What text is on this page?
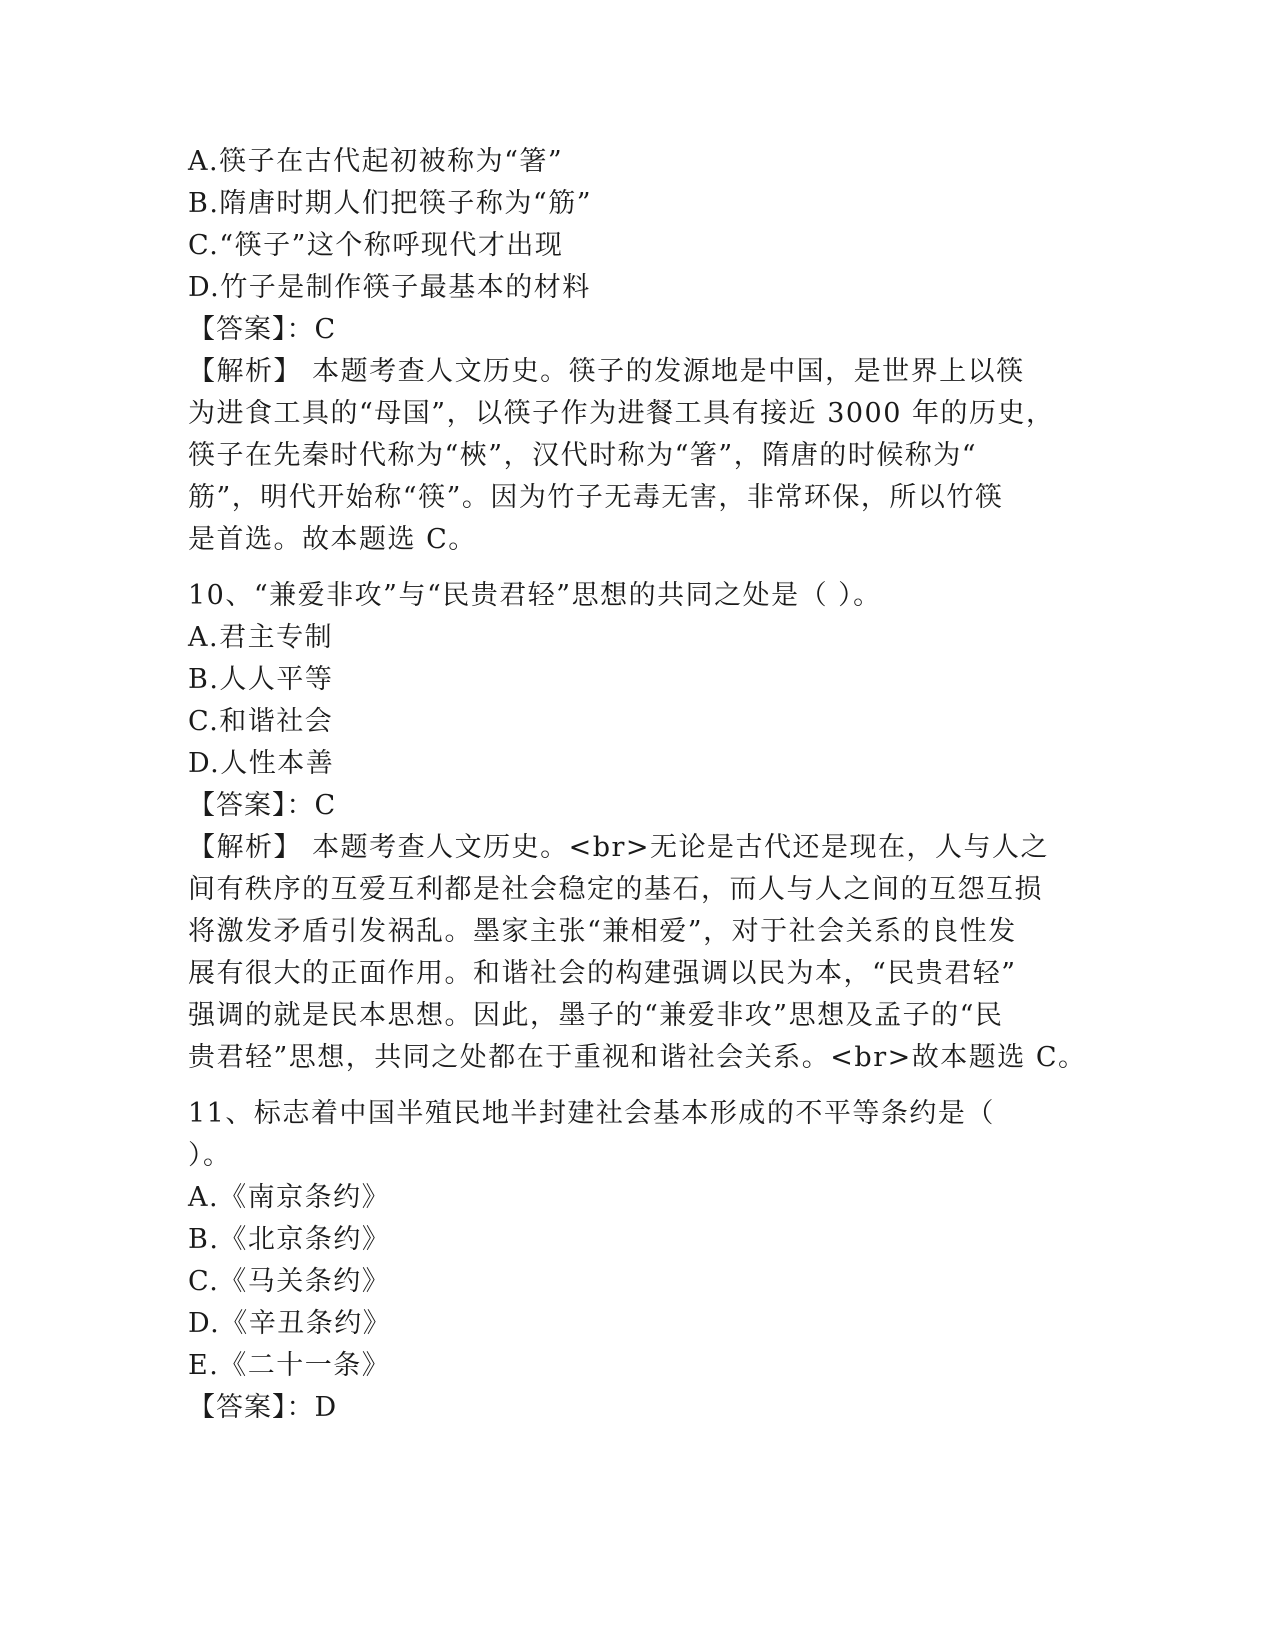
A.筷子在古代起初被称为“箸”
B.隋唐时期人们把筷子称为“筋”
C.“筷子”这个称呼现代才出现
D.竹子是制作筷子最基本的材料
【答案】：C
【解析】 本题考查人文历史。筷子的发源地是中国，是世界上以筷
为进食工具的“母国”，以筷子作为进餐工具有接近 3000 年的历史，
筷子在先秦时代称为“梜”，汉代时称为“箸”，隋唐的时候称为“
筋”，明代开始称“筷”。因为竹子无毒无害，非常环保，所以竹筷
是首选。故本题选 C。
10、“兼爱非攻”与“民贵君轻”思想的共同之处是（ ）。
A.君主专制
B.人人平等
C.和谐社会
D.人性本善
【答案】：C
【解析】 本题考查人文历史。<br>无论是古代还是现在，人与人之
间有秩序的互爱互利都是社会稳定的基石，而人与人之间的互怨互损
将激发矛盾引发祸乱。墨家主张“兼相爱”，对于社会关系的良性发
展有很大的正面作用。和谐社会的构建强调以民为本，“民贵君轻”
强调的就是民本思想。因此，墨子的“兼爱非攻”思想及孟子的“民
贵君轻”思想，共同之处都在于重视和谐社会关系。<br>故本题选 C。
11、标志着中国半殖民地半封建社会基本形成的不平等条约是（
）。
A.《南京条约》
B.《北京条约》
C.《马关条约》
D.《辛丑条约》
E.《二十一条》
【答案】：D
